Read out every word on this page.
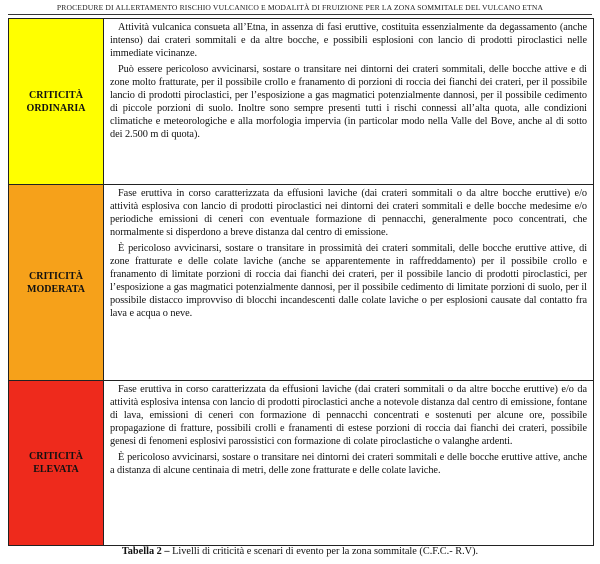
PROCEDURE DI ALLERTAMENTO RISCHIO VULCANICO E MODALITÀ DI FRUIZIONE PER LA ZONA SOMMITALE DEL VULCANO ETNA
CRITICITÀ
ORDINARIA
Attività vulcanica consueta all’Etna, in assenza di fasi eruttive, costituita essenzialmente da degassamento (anche intenso) dai crateri sommitali e da altre bocche, e possibili esplosioni con lancio di prodotti piroclastici nelle immediate vicinanze.
Può essere pericoloso avvicinarsi, sostare o transitare nei dintorni dei crateri sommitali, delle bocche attive e di zone molto fratturate, per il possibile crollo e franamento di porzioni di roccia dei fianchi dei crateri, per il possibile lancio di prodotti piroclastici, per l’esposizione a gas magmatici potenzialmente dannosi, per il possibile cedimento di piccole porzioni di suolo. Inoltre sono sempre presenti tutti i rischi connessi all’alta quota, alle condizioni climatiche e meteorologiche e alla morfologia impervia (in particolar modo nella Valle del Bove, anche al di sotto dei 2.500 m di quota).
CRITICITÀ
MODERATA
Fase eruttiva in corso caratterizzata da effusioni laviche (dai crateri sommitali o da altre bocche eruttive) e/o attività esplosiva con lancio di prodotti piroclastici nei dintorni dei crateri sommitali e delle bocche medesime e/o periodiche emissioni di ceneri con eventuale formazione di pennacchi, generalmente poco concentrati, che normalmente si disperdono a breve distanza dal centro di emissione.
È pericoloso avvicinarsi, sostare o transitare in prossimità dei crateri sommitali, delle bocche eruttive attive, di zone fratturate e delle colate laviche (anche se apparentemente in raffreddamento) per il possibile crollo e franamento di limitate porzioni di roccia dai fianchi dei crateri, per il possibile lancio di prodotti piroclastici, per l’esposizione a gas magmatici potenzialmente dannosi, per il possibile cedimento di limitate porzioni di suolo, per il possibile distacco improvviso di blocchi incandescenti dalle colate laviche o per esplosioni causate dal contatto fra lava e acqua o neve.
CRITICITÀ
ELEVATA
Fase eruttiva in corso caratterizzata da effusioni laviche (dai crateri sommitali o da altre bocche eruttive) e/o da attività esplosiva intensa con lancio di prodotti piroclastici anche a notevole distanza dal centro di emissione, fontane di lava, emissioni di ceneri con formazione di pennacchi concentrati e sostenuti per alcune ore, possibile propagazione di fratture, possibili crolli e franamenti di estese porzioni di roccia dai fianchi dei crateri, possibile genesi di fenomeni esplosivi parossistici con formazione di colate piroclastiche o valanghe ardenti.
È pericoloso avvicinarsi, sostare o transitare nei dintorni dei crateri sommitali e delle bocche eruttive attive, anche a distanza di alcune centinaia di metri, delle zone fratturate e delle colate laviche.
Tabella 2 – Livelli di criticità e scenari di evento per la zona sommitale (C.F.C.- R.V).
